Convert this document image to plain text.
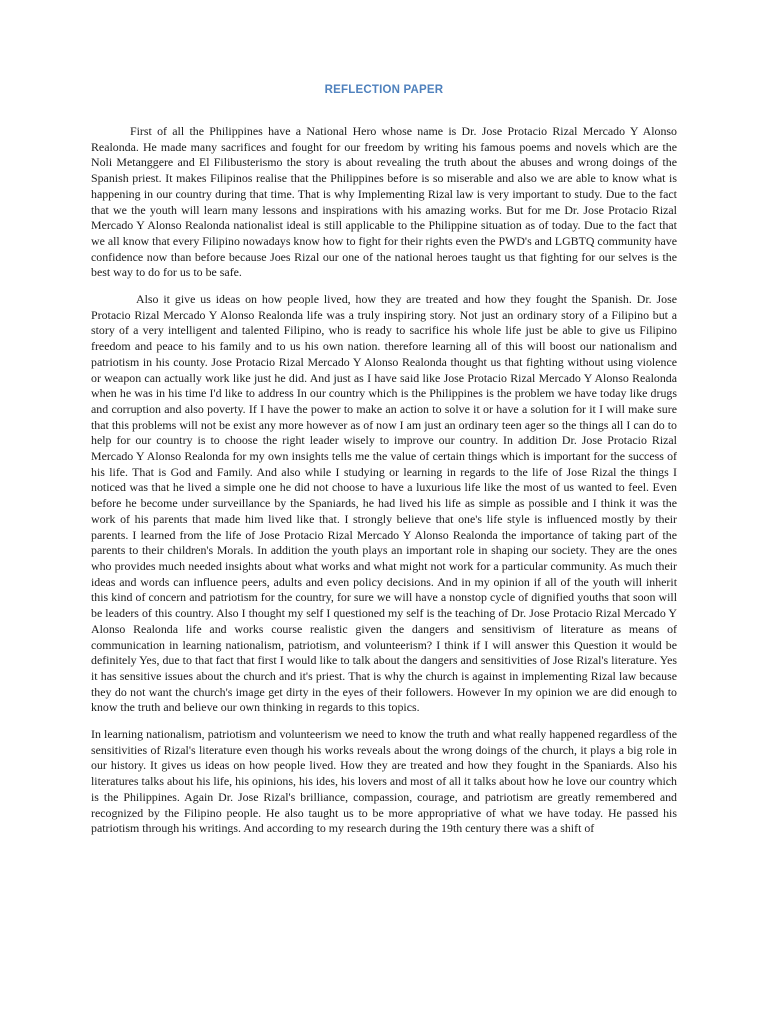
REFLECTION PAPER

First of all the Philippines have a National Hero whose name is Dr. Jose Protacio Rizal Mercado Y Alonso Realonda. He made many sacrifices and fought for our freedom by writing his famous poems and novels which are the Noli Metanggere and El Filibusterismo the story is about revealing the truth about the abuses and wrong doings of the Spanish priest. It makes Filipinos realise that the Philippines before is so miserable and also we are able to know what is happening in our country during that time. That is why Implementing Rizal law is very important to study. Due to the fact that we the youth will learn many lessons and inspirations with his amazing works. But for me Dr. Jose Protacio Rizal Mercado Y Alonso Realonda nationalist ideal is still applicable to the Philippine situation as of today. Due to the fact that we all know that every Filipino nowadays know how to fight for their rights even the PWD's and LGBTQ community have confidence now than before because Joes Rizal our one of the national heroes taught us that fighting for our selves is the best way to do for us to be safe.

Also it give us ideas on how people lived, how they are treated and how they fought the Spanish. Dr. Jose Protacio Rizal Mercado Y Alonso Realonda life was a truly inspiring story. Not just an ordinary story of a Filipino but a story of a very intelligent and talented Filipino, who is ready to sacrifice his whole life just be able to give us Filipino freedom and peace to his family and to us his own nation. therefore learning all of this will boost our nationalism and patriotism in his county. Jose Protacio Rizal Mercado Y Alonso Realonda thought us that fighting without using violence or weapon can actually work like just he did. And just as I have said like Jose Protacio Rizal Mercado Y Alonso Realonda when he was in his time I'd like to address In our country which is the Philippines is the problem we have today like drugs and corruption and also poverty. If I have the power to make an action to solve it or have a solution for it I will make sure that this problems will not be exist any more however as of now I am just an ordinary teen ager so the things all I can do to help for our country is to choose the right leader wisely to improve our country. In addition Dr. Jose Protacio Rizal Mercado Y Alonso Realonda for my own insights tells me the value of certain things which is important for the success of his life. That is God and Family. And also while I studying or learning in regards to the life of Jose Rizal the things I noticed was that he lived a simple one he did not choose to have a luxurious life like the most of us wanted to feel. Even before he become under surveillance by the Spaniards, he had lived his life as simple as possible and I think it was the work of his parents that made him lived like that. I strongly believe that one's life style is influenced mostly by their parents. I learned from the life of Jose Protacio Rizal Mercado Y Alonso Realonda the importance of taking part of the parents to their children's Morals. In addition the youth plays an important role in shaping our society. They are the ones who provides much needed insights about what works and what might not work for a particular community. As much their ideas and words can influence peers, adults and even policy decisions. And in my opinion if all of the youth will inherit this kind of concern and patriotism for the country, for sure we will have a nonstop cycle of dignified youths that soon will be leaders of this country. Also I thought my self I questioned my self is the teaching of Dr. Jose Protacio Rizal Mercado Y Alonso Realonda life and works course realistic given the dangers and sensitivism of literature as means of communication in learning nationalism, patriotism, and volunteerism? I think if I will answer this Question it would be definitely Yes, due to that fact that first I would like to talk about the dangers and sensitivities of Jose Rizal's literature. Yes it has sensitive issues about the church and it's priest. That is why the church is against in implementing Rizal law because they do not want the church's image get dirty in the eyes of their followers. However In my opinion we are did enough to know the truth and believe our own thinking in regards to this topics.

In learning nationalism, patriotism and volunteerism we need to know the truth and what really happened regardless of the sensitivities of Rizal's literature even though his works reveals about the wrong doings of the church, it plays a big role in our history. It gives us ideas on how people lived. How they are treated and how they fought in the Spaniards. Also his literatures talks about his life, his opinions, his ides, his lovers and most of all it talks about how he love our country which is the Philippines. Again Dr. Jose Rizal's brilliance, compassion, courage, and patriotism are greatly remembered and recognized by the Filipino people. He also taught us to be more appropriative of what we have today. He passed his patriotism through his writings. And according to my research during the 19th century there was a shift of
